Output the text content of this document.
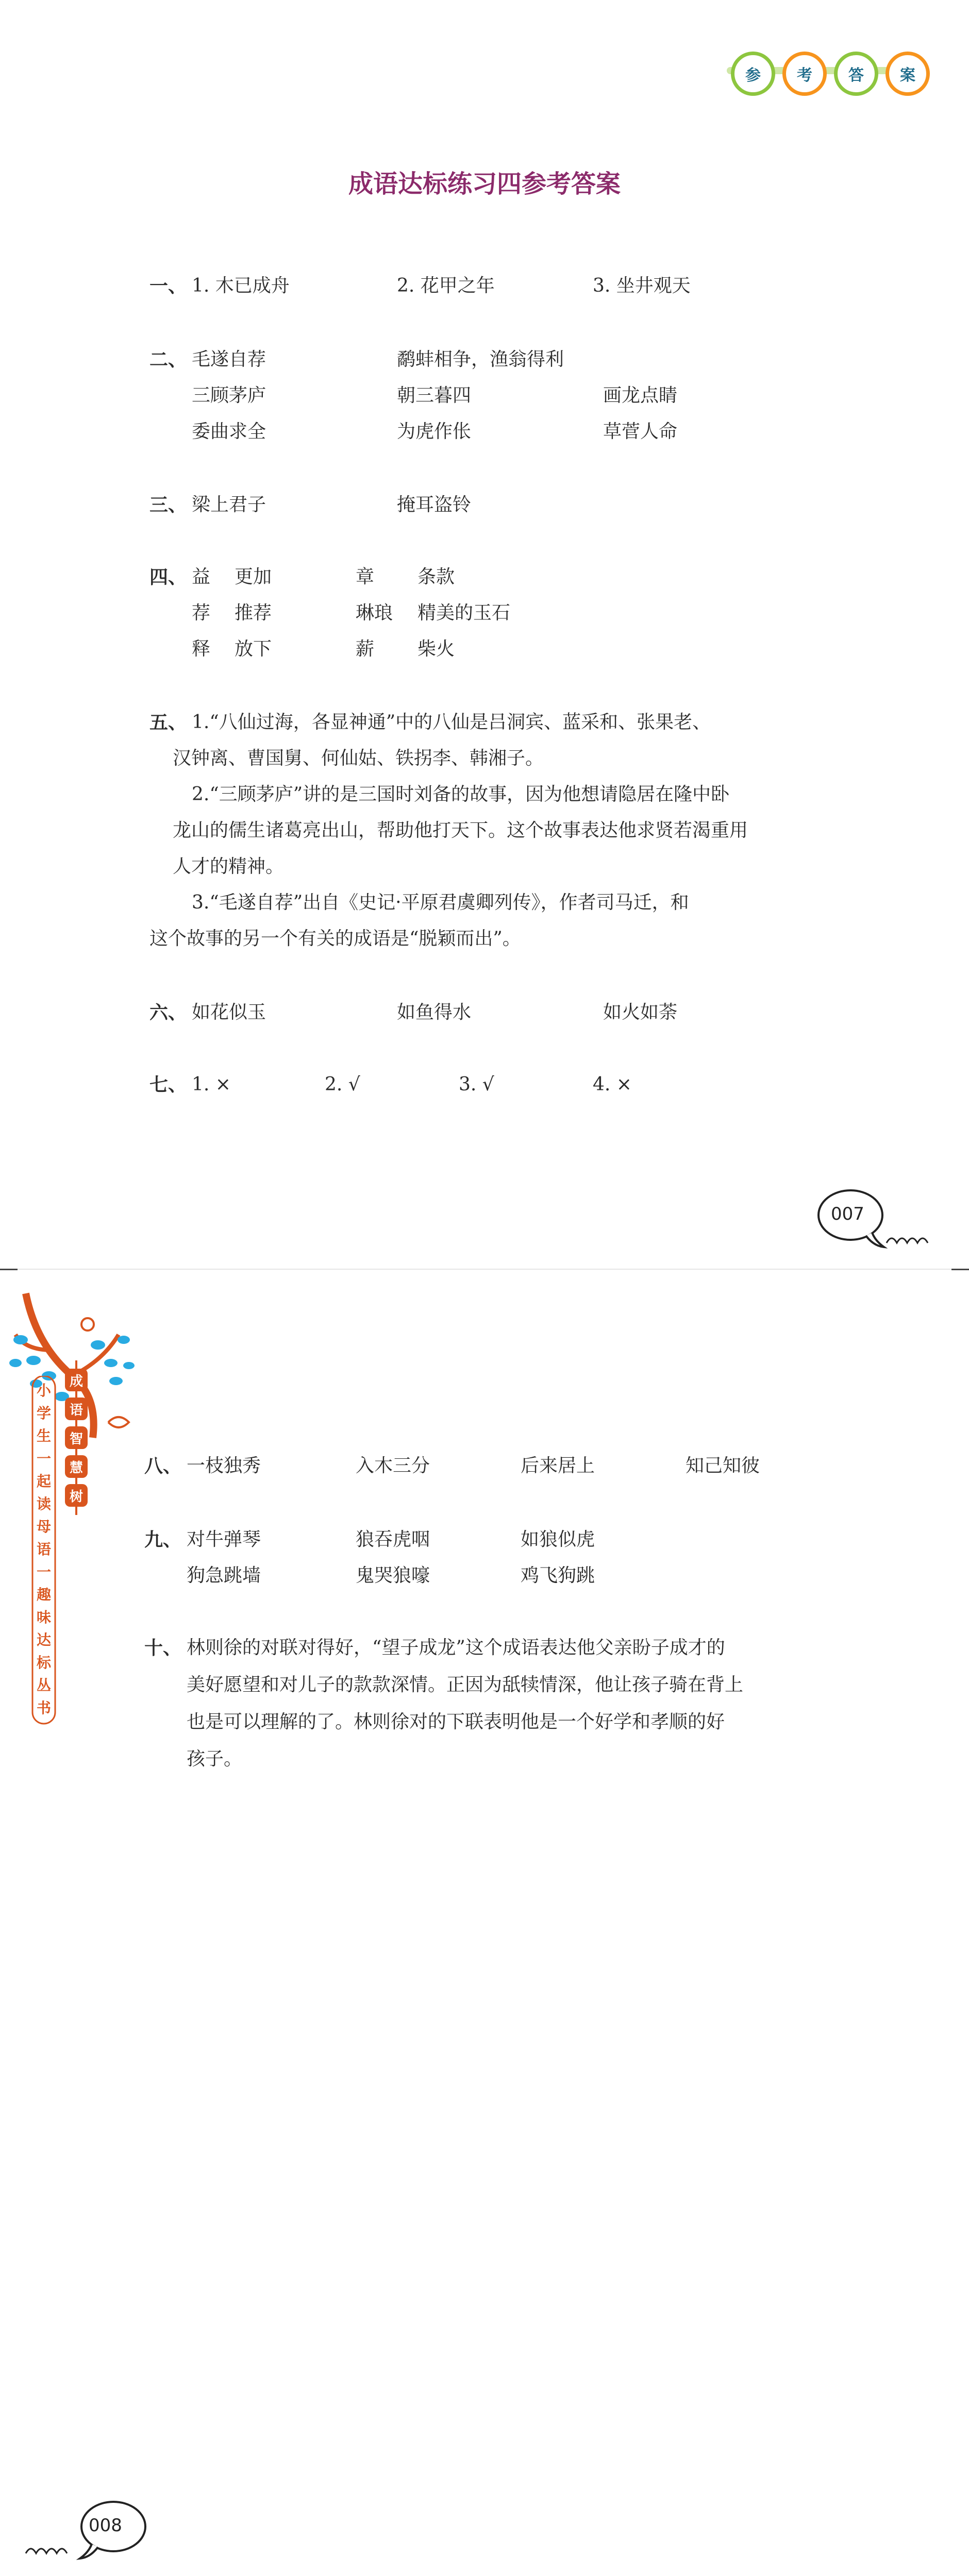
参	考	答	案
成语达标练习四参考答案
一、 1. 木已成舟	2. 花甲之年	3. 坐井观天
二、 毛遂自荐	鹬蚌相争，渔翁得利
三顾茅庐	朝三暮四	画龙点睛
委曲求全	为虎作伥	草菅人命
三、 梁上君子	掩耳盗铃
四、 益 更加	章 条款
荐 推荐	琳琅 精美的玉石
释 放下	薪 柴火
五、 1.“八仙过海，各显神通”中的八仙是吕洞宾、蓝采和、张果老、
汉钟离、曹国舅、何仙姑、铁拐李、韩湘子。
2.“三顾茅庐”讲的是三国时刘备的故事，因为他想请隐居在隆中卧
龙山的儒生诸葛亮出山，帮助他打天下。这个故事表达他求贤若渴重用
人才的精神。
3.“毛遂自荐”出自《史记·平原君虞卿列传》，作者司马迁，和
这个故事的另一个有关的成语是“脱颖而出”。
六、 如花似玉	如鱼得水	如火如荼
七、 1. ×	2. √	3. √	4. ×
007
小
学
生
一
起
读
母
语
一
趣
味
达
标
丛
书
成
语
智
慧
树
八、 一枝独秀	入木三分	后来居上	知己知彼
九、 对牛弹琴	狼吞虎咽	如狼似虎
狗急跳墙	鬼哭狼嚎	鸡飞狗跳
十、 林则徐的对联对得好，“望子成龙”这个成语表达他父亲盼子成才的
美好愿望和对儿子的款款深情。正因为舐犊情深，他让孩子骑在背上
也是可以理解的了。林则徐对的下联表明他是一个好学和孝顺的好
孩子。
008
